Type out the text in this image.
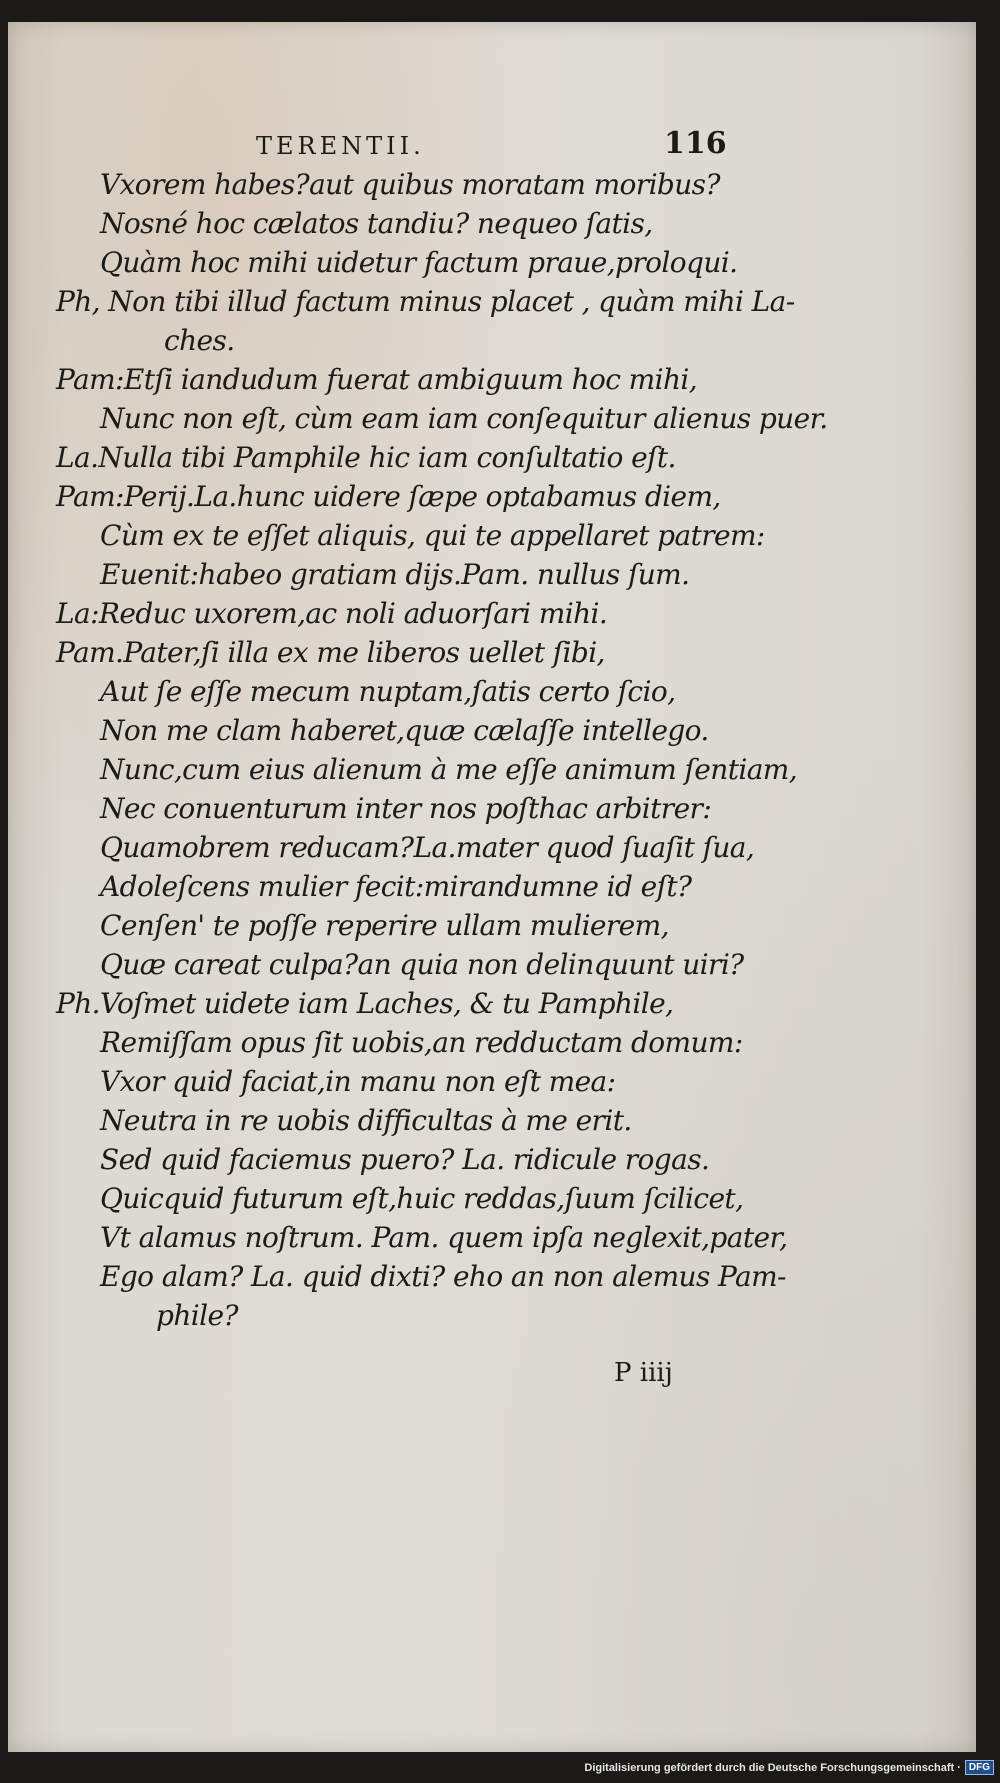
TERENTII.	116
Vxorem habes?aut quibus moratam moribus?
Nosné hoc cælatos tandiu? nequeo ſatis,
Quàm hoc mihi uidetur factum praue,proloqui.
Ph, Non tibi illud factum minus placet , quàm mihi La-
ches.
Pam:Etſi iandudum fuerat ambiguum hoc mihi,
Nunc non eſt, cùm eam iam conſequitur alienus puer.
La.Nulla tibi Pamphile hic iam conſultatio eſt.
Pam:Perij.La.hunc uidere ſæpe optabamus diem,
Cùm ex te eſſet aliquis, qui te appellaret patrem:
Euenit:habeo gratiam dijs.Pam. nullus ſum.
La:Reduc uxorem,ac noli aduorſari mihi.
Pam.Pater,ſi illa ex me liberos uellet ſibi,
Aut ſe eſſe mecum nuptam,ſatis certo ſcio,
Non me clam haberet,quæ cælaſſe intellego.
Nunc,cum eius alienum à me eſſe animum ſentiam,
Nec conuenturum inter nos poſthac arbitrer:
Quamobrem reducam?La.mater quod ſuaſit ſua,
Adoleſcens mulier fecit:mirandumne id eſt?
Cenſen' te poſſe reperire ullam mulierem,
Quæ careat culpa?an quia non delinquunt uiri?
Ph.Voſmet uidete iam Laches, & tu Pamphile,
Remiſſam opus ſit uobis,an redductam domum:
Vxor quid faciat,in manu non eſt mea:
Neutra in re uobis difficultas à me erit.
Sed quid faciemus puero? La. ridicule rogas.
Quicquid futurum eſt,huic reddas,ſuum ſcilicet,
Vt alamus noſtrum. Pam. quem ipſa neglexit,pater,
Ego alam? La. quid dixti? eho an non alemus Pam-
phile?
P iiij
Digitalisierung gefördert durch die Deutsche Forschungsgemeinschaft · DFG
